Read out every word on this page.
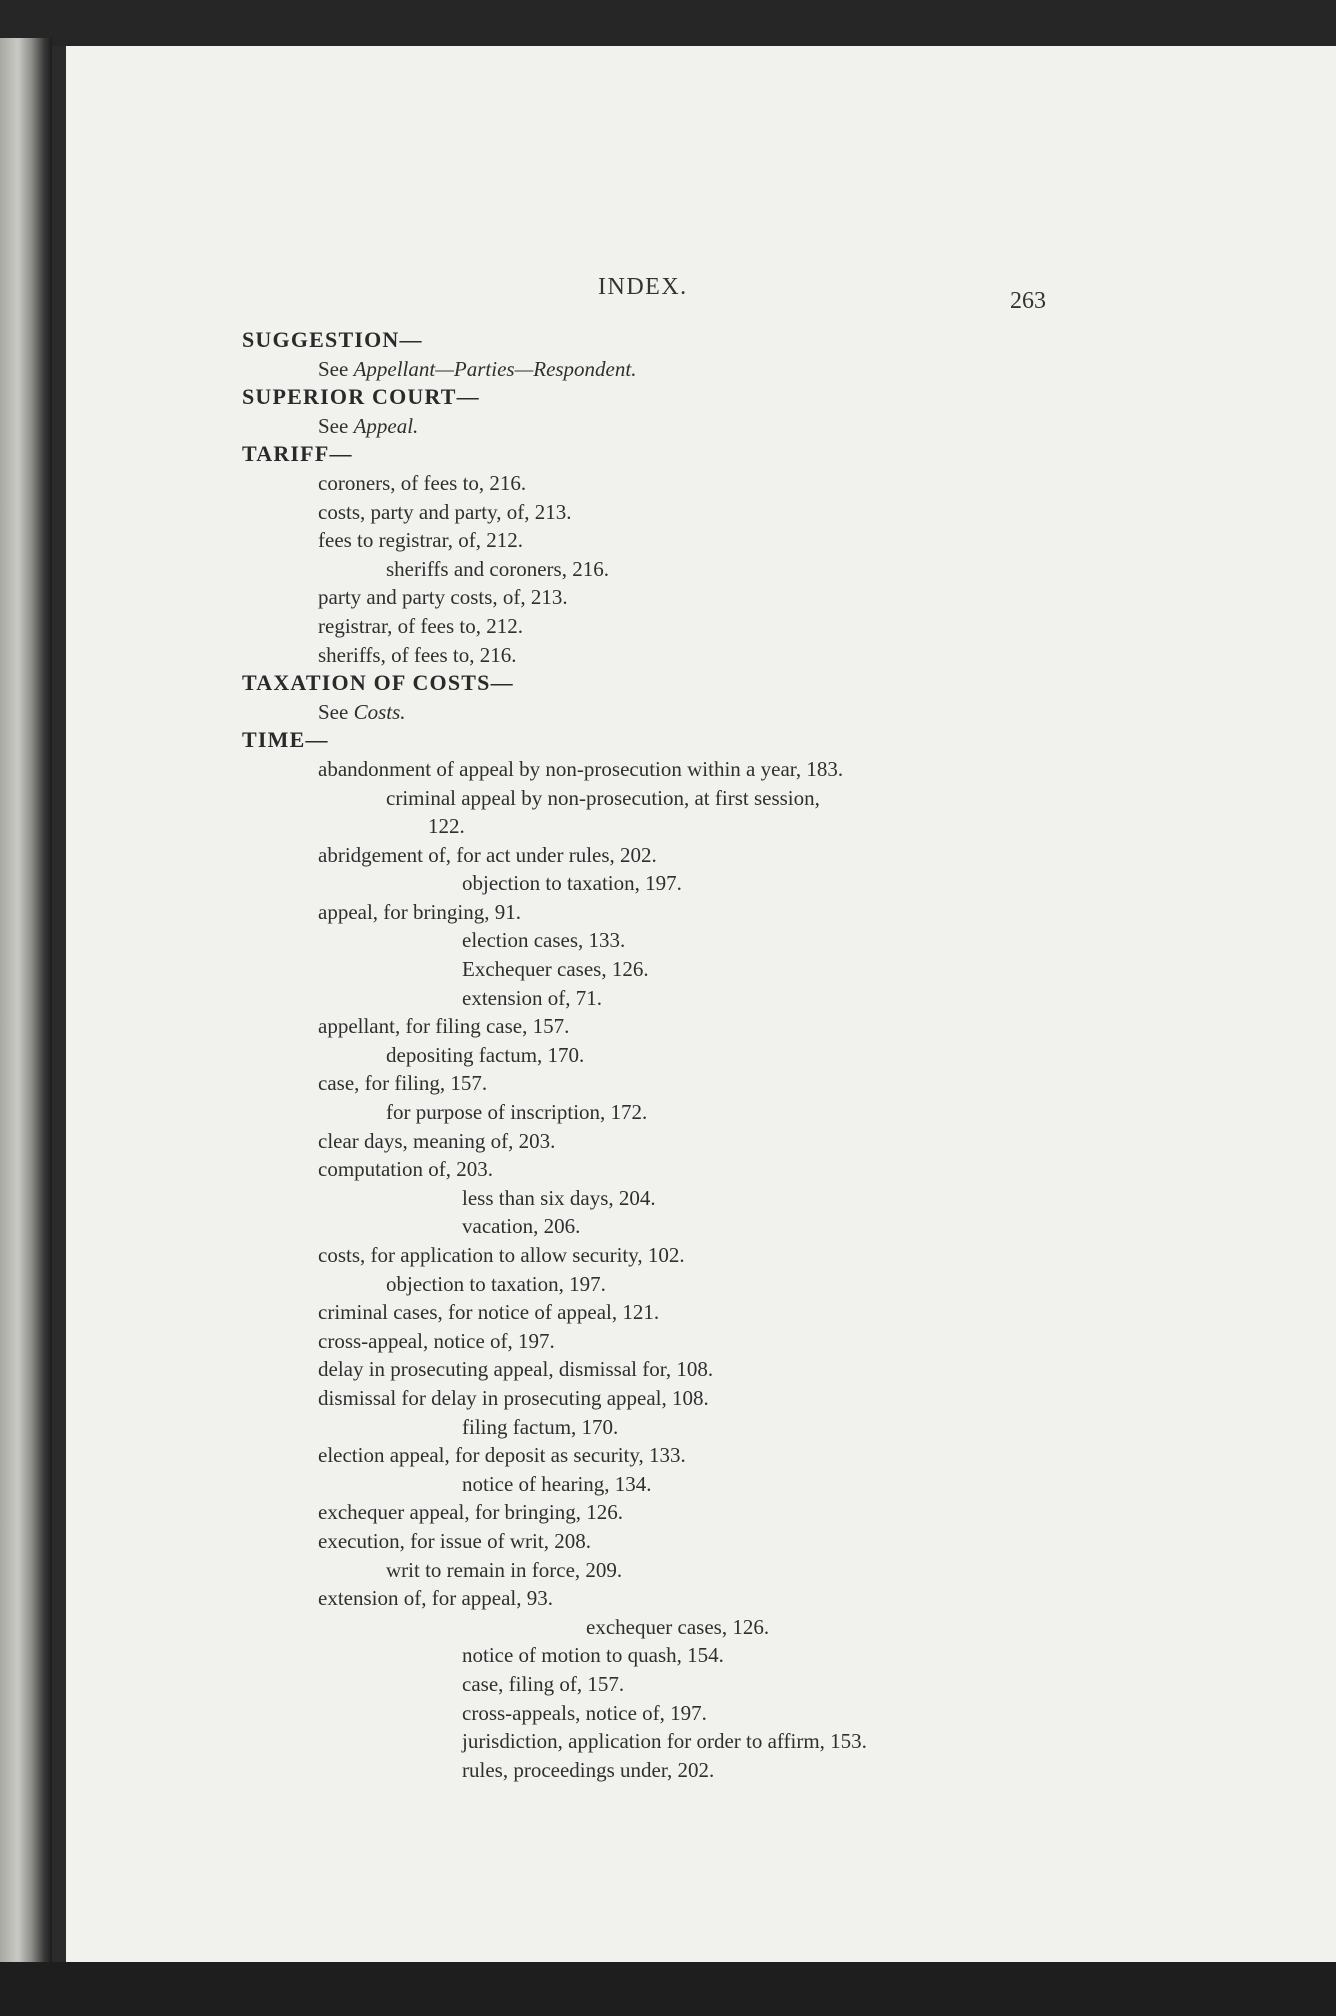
INDEX.
263
SUGGESTION—
See Appellant—Parties—Respondent.
SUPERIOR COURT—
See Appeal.
TARIFF—
coroners, of fees to, 216.
costs, party and party, of, 213.
fees to registrar, of, 212.
sheriffs and coroners, 216.
party and party costs, of, 213.
registrar, of fees to, 212.
sheriffs, of fees to, 216.
TAXATION OF COSTS—
See Costs.
TIME—
abandonment of appeal by non-prosecution within a year, 183.
criminal appeal by non-prosecution, at first session,
122.
abridgement of, for act under rules, 202.
objection to taxation, 197.
appeal, for bringing, 91.
election cases, 133.
Exchequer cases, 126.
extension of, 71.
appellant, for filing case, 157.
depositing factum, 170.
case, for filing, 157.
for purpose of inscription, 172.
clear days, meaning of, 203.
computation of, 203.
less than six days, 204.
vacation, 206.
costs, for application to allow security, 102.
objection to taxation, 197.
criminal cases, for notice of appeal, 121.
cross-appeal, notice of, 197.
delay in prosecuting appeal, dismissal for, 108.
dismissal for delay in prosecuting appeal, 108.
filing factum, 170.
election appeal, for deposit as security, 133.
notice of hearing, 134.
exchequer appeal, for bringing, 126.
execution, for issue of writ, 208.
writ to remain in force, 209.
extension of, for appeal, 93.
exchequer cases, 126.
notice of motion to quash, 154.
case, filing of, 157.
cross-appeals, notice of, 197.
jurisdiction, application for order to affirm, 153.
rules, proceedings under, 202.
